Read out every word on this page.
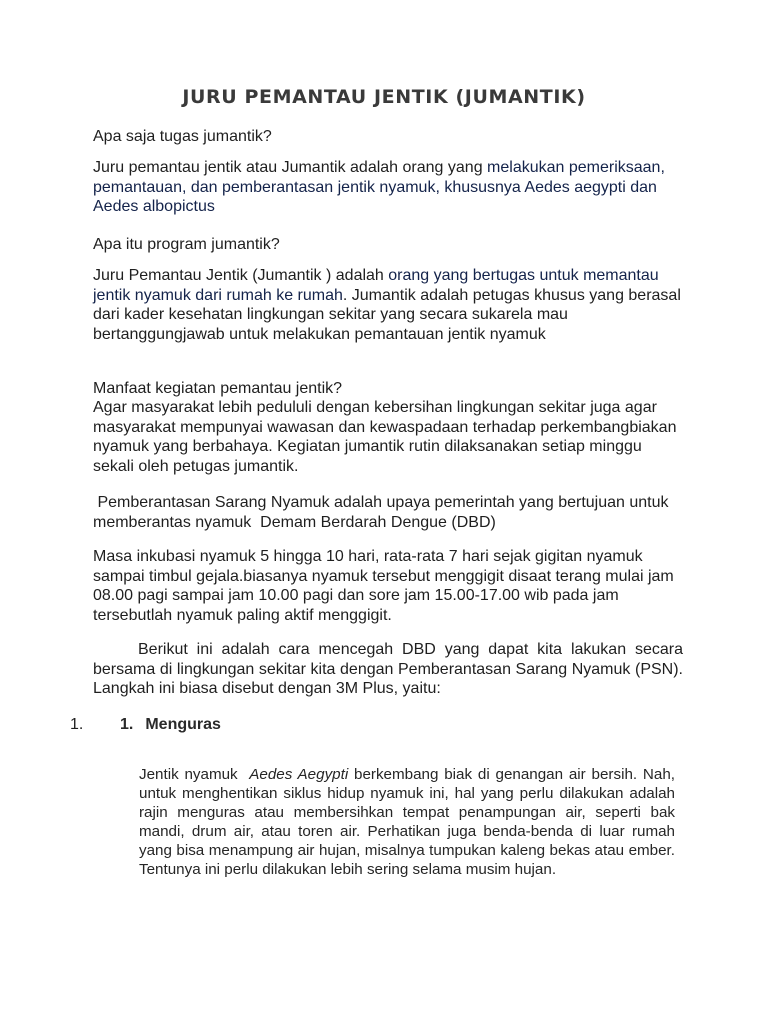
JURU PEMANTAU JENTIK (JUMANTIK)
Apa saja tugas jumantik?
Juru pemantau jentik atau Jumantik adalah orang yang melakukan pemeriksaan, pemantauan, dan pemberantasan jentik nyamuk, khususnya Aedes aegypti dan Aedes albopictus
Apa itu program jumantik?
Juru Pemantau Jentik (Jumantik ) adalah orang yang bertugas untuk memantau jentik nyamuk dari rumah ke rumah. Jumantik adalah petugas khusus yang berasal dari kader kesehatan lingkungan sekitar yang secara sukarela mau bertanggungjawab untuk melakukan pemantauan jentik nyamuk
Manfaat kegiatan pemantau jentik?
Agar masyarakat lebih pedululi dengan kebersihan lingkungan sekitar juga agar masyarakat mempunyai wawasan dan kewaspadaan terhadap perkembangbiakan nyamuk yang berbahaya. Kegiatan jumantik rutin dilaksanakan setiap minggu sekali oleh petugas jumantik.
Pemberantasan Sarang Nyamuk adalah upaya pemerintah yang bertujuan untuk memberantas nyamuk  Demam Berdarah Dengue (DBD)
Masa inkubasi nyamuk 5 hingga 10 hari, rata-rata 7 hari sejak gigitan nyamuk sampai timbul gejala.biasanya nyamuk tersebut menggigit disaat terang mulai jam 08.00 pagi sampai jam 10.00 pagi dan sore jam 15.00-17.00 wib pada jam tersebutlah nyamuk paling aktif menggigit.
Berikut ini adalah cara mencegah DBD yang dapat kita lakukan secara bersama di lingkungan sekitar kita dengan Pemberantasan Sarang Nyamuk (PSN). Langkah ini biasa disebut dengan 3M Plus, yaitu:
1. 1. Menguras
Jentik nyamuk  Aedes Aegypti berkembang biak di genangan air bersih. Nah, untuk menghentikan siklus hidup nyamuk ini, hal yang perlu dilakukan adalah rajin menguras atau membersihkan tempat penampungan air, seperti bak mandi, drum air, atau toren air. Perhatikan juga benda-benda di luar rumah yang bisa menampung air hujan, misalnya tumpukan kaleng bekas atau ember. Tentunya ini perlu dilakukan lebih sering selama musim hujan.
